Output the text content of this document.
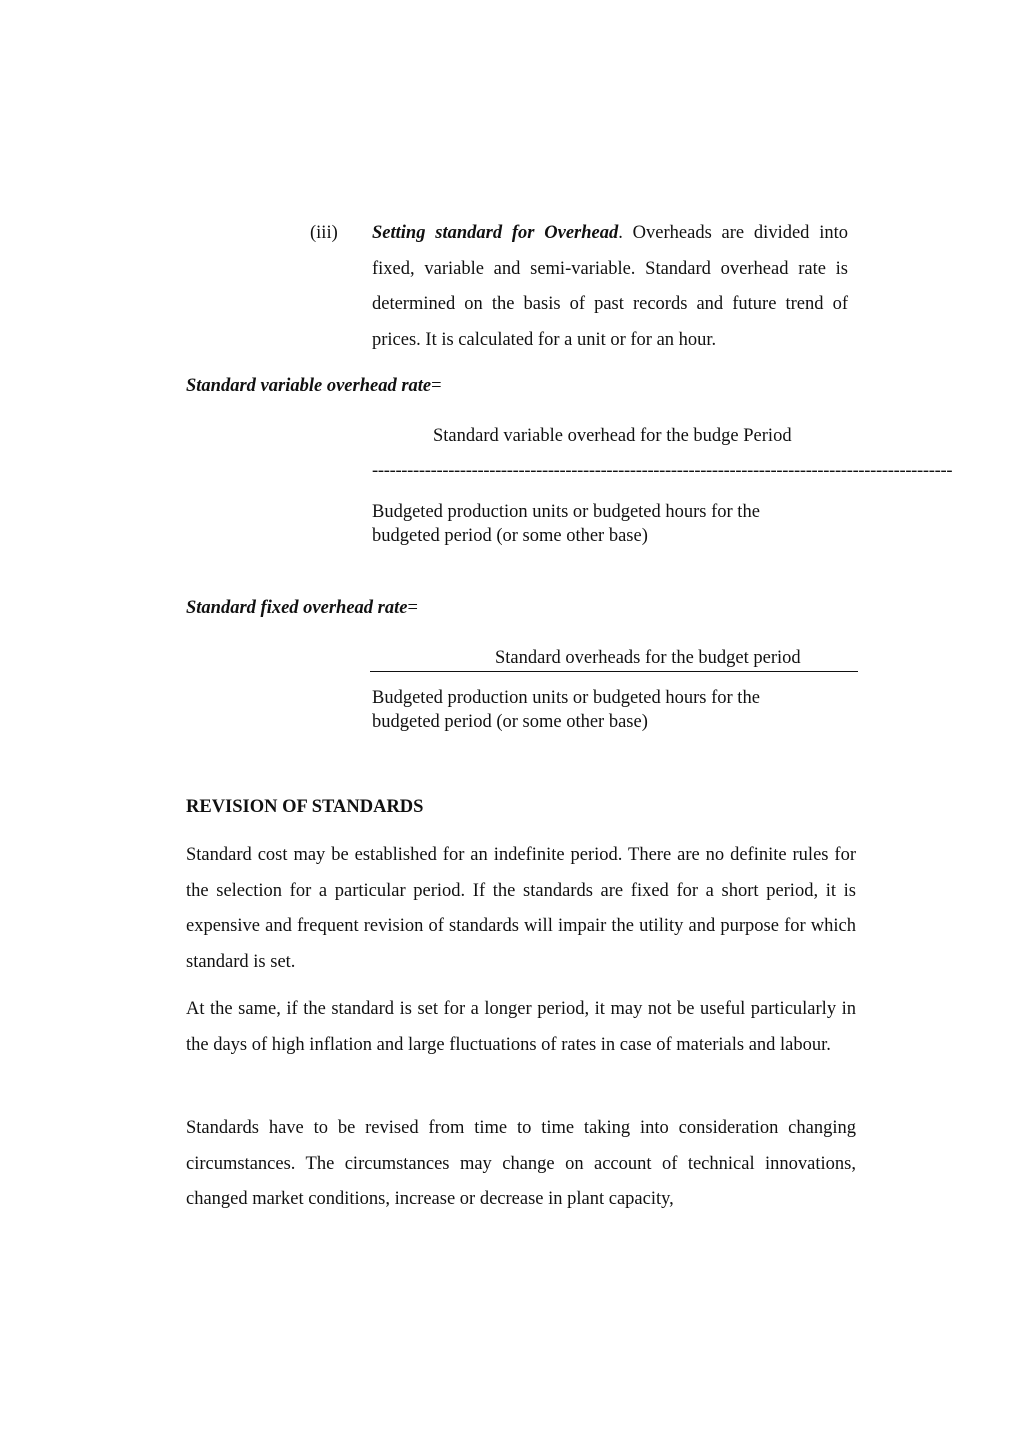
(iii) Setting standard for Overhead. Overheads are divided into fixed, variable and semi-variable. Standard overhead rate is determined on the basis of past records and future trend of prices. It is calculated for a unit or for an hour.
Standard variable overhead rate=
Standard variable overhead for the budge Period
---------------------------------------------------------------------------------------------------
Budgeted production units or budgeted hours for the budgeted period (or some other base)
Standard fixed overhead rate=
Standard overheads for the budget period
Budgeted production units or budgeted hours for the budgeted period (or some other base)
REVISION OF STANDARDS
Standard cost may be established for an indefinite period. There are no definite rules for the selection for a particular period. If the standards are fixed for a short period, it is expensive and frequent revision of standards will impair the utility and purpose for which standard is set.
At the same, if the standard is set for a longer period, it may not be useful particularly in the days of high inflation and large fluctuations of rates in case of materials and labour.
Standards have to be revised from time to time taking into consideration changing circumstances. The circumstances may change on account of technical innovations, changed market conditions, increase or decrease in plant capacity,
